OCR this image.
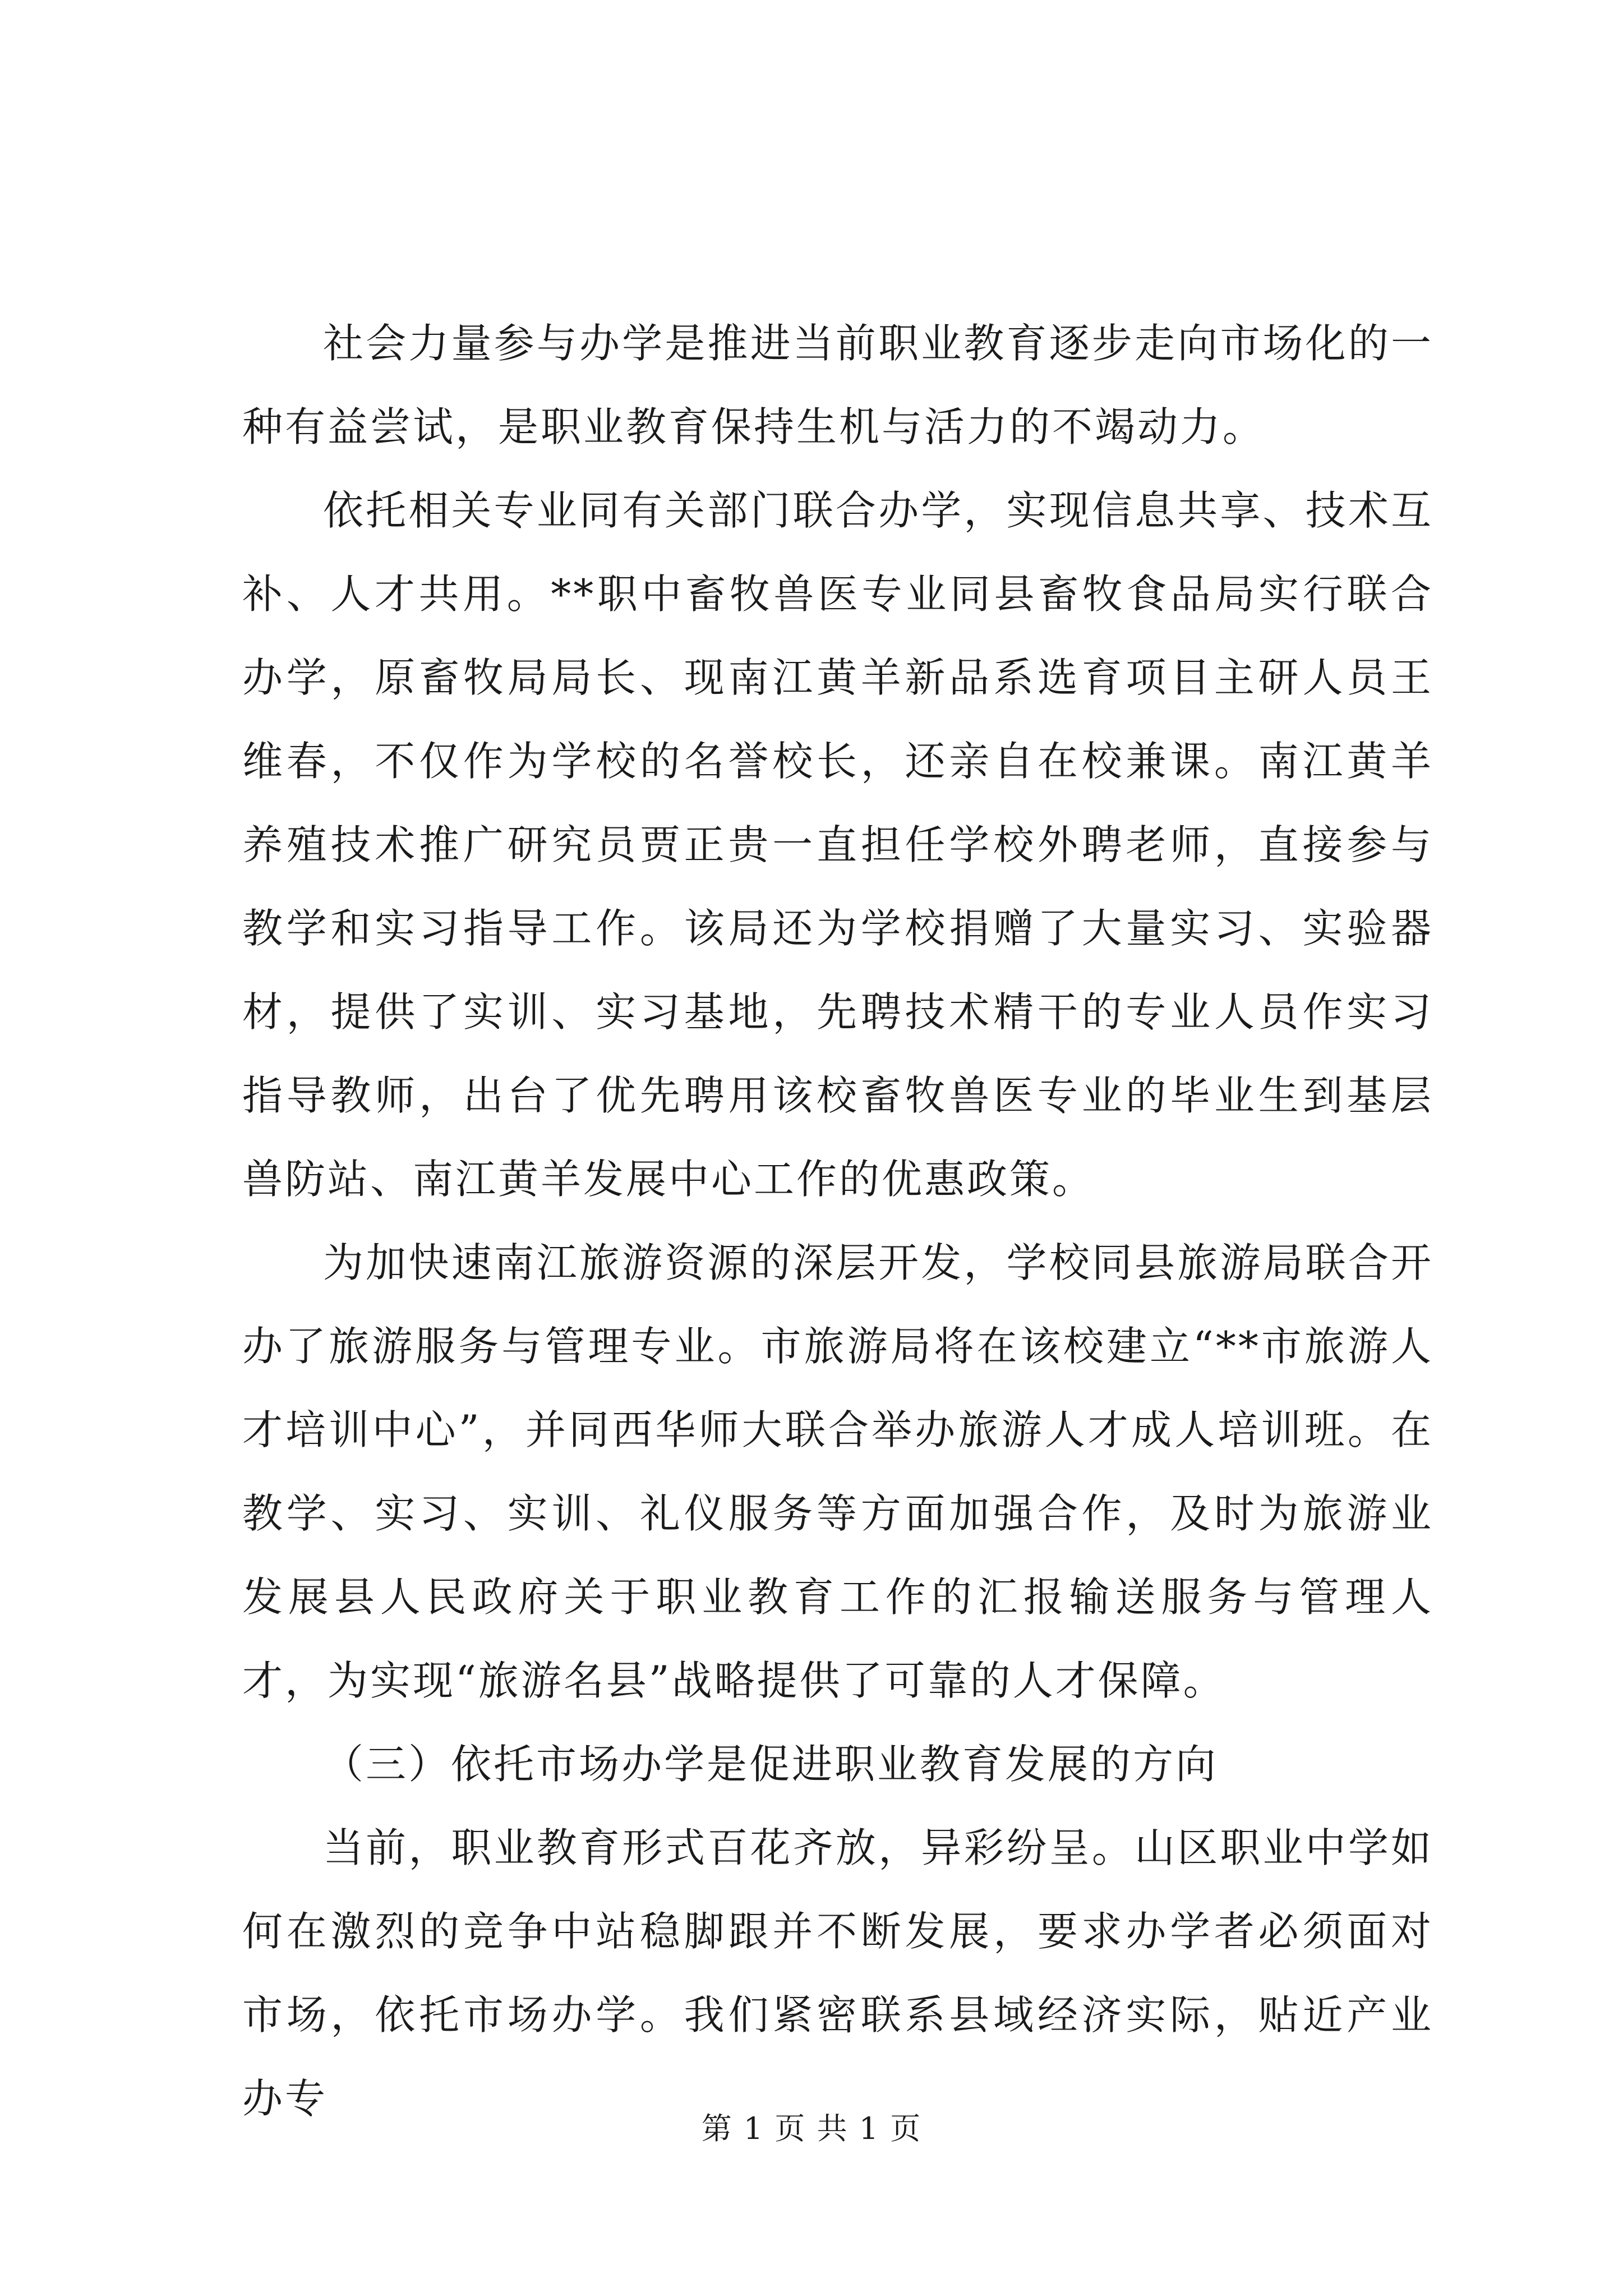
社会力量参与办学是推进当前职业教育逐步走向市场化的一种有益尝试，是职业教育保持生机与活力的不竭动力。

依托相关专业同有关部门联合办学，实现信息共享、技术互补、人才共用。**职中畜牧兽医专业同县畜牧食品局实行联合办学，原畜牧局局长、现南江黄羊新品系选育项目主研人员王维春，不仅作为学校的名誉校长，还亲自在校兼课。南江黄羊养殖技术推广研究员贾正贵一直担任学校外聘老师，直接参与教学和实习指导工作。该局还为学校捐赠了大量实习、实验器材，提供了实训、实习基地，先聘技术精干的专业人员作实习指导教师，出台了优先聘用该校畜牧兽医专业的毕业生到基层兽防站、南江黄羊发展中心工作的优惠政策。

为加快速南江旅游资源的深层开发，学校同县旅游局联合开办了旅游服务与管理专业。市旅游局将在该校建立“**市旅游人才培训中心”，并同西华师大联合举办旅游人才成人培训班。在教学、实习、实训、礼仪服务等方面加强合作，及时为旅游业发展县人民政府关于职业教育工作的汇报输送服务与管理人才，为实现“旅游名县”战略提供了可靠的人才保障。

（三）依托市场办学是促进职业教育发展的方向

当前，职业教育形式百花齐放，异彩纷呈。山区职业中学如何在激烈的竞争中站稳脚跟并不断发展，要求办学者必须面对市场，依托市场办学。我们紧密联系县域经济实际，贴近产业办专

第 1 页 共 1 页
